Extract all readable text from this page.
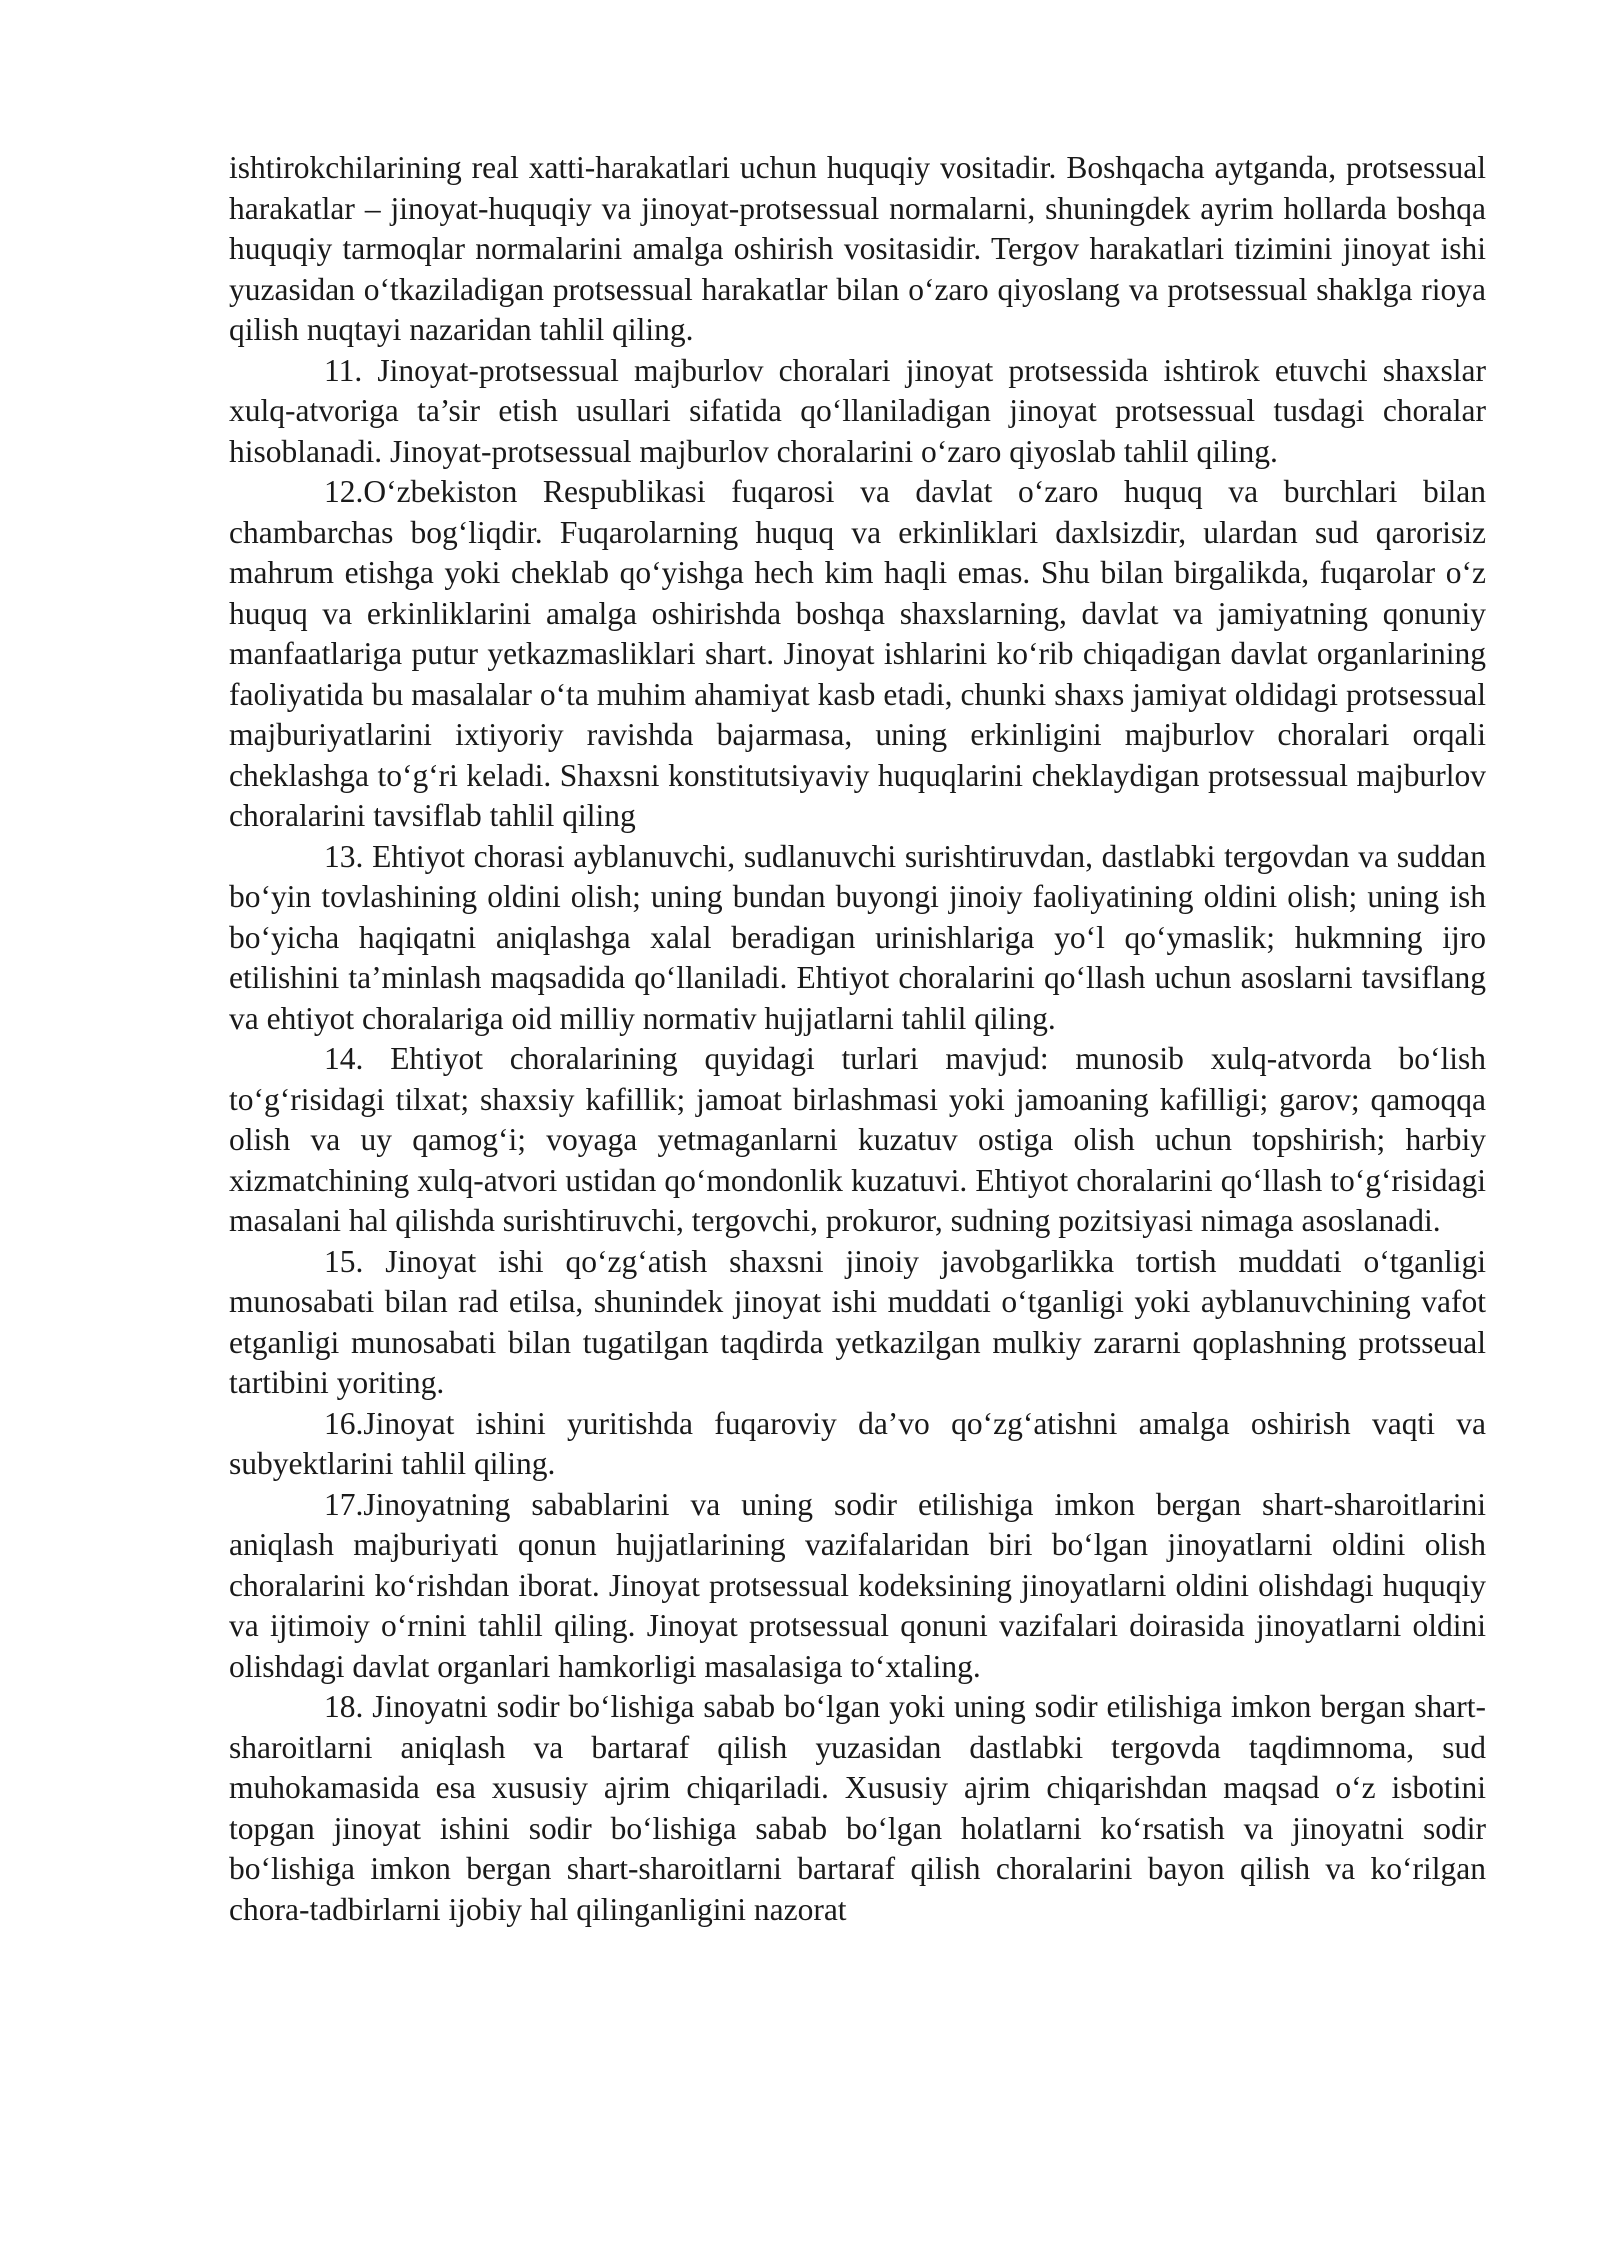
ishtirokchilarining real xatti-harakatlari uchun huquqiy vositadir. Boshqacha aytganda, protsessual harakatlar – jinoyat-huquqiy va jinoyat-protsessual normalarni, shuningdek ayrim hollarda boshqa huquqiy tarmoqlar normalarini amalga oshirish vositasidir. Tergov harakatlari tizimini jinoyat ishi yuzasidan o‘tkaziladigan protsessual harakatlar bilan o‘zaro qiyoslang va protsessual shaklga rioya qilish nuqtayi nazaridan tahlil qiling.

11. Jinoyat-protsessual majburlov choralari jinoyat protsessida ishtirok etuvchi shaxslar xulq-atvoriga ta’sir etish usullari sifatida qo‘llaniladigan jinoyat protsessual tusdagi choralar hisoblanadi. Jinoyat-protsessual majburlov choralarini o‘zaro qiyoslab tahlil qiling.

12.O‘zbekiston Respublikasi fuqarosi va davlat o‘zaro huquq va burchlari bilan chambarchas bog‘liqdir. Fuqarolarning huquq va erkinliklari daxlsizdir, ulardan sud qarorisiz mahrum etishga yoki cheklab qo‘yishga hech kim haqli emas. Shu bilan birgalikda, fuqarolar o‘z huquq va erkinliklarini amalga oshirishda boshqa shaxslarning, davlat va jamiyatning qonuniy manfaatlariga putur yetkazmasliklari shart. Jinoyat ishlarini ko‘rib chiqadigan davlat organlarining faoliyatida bu masalalar o‘ta muhim ahamiyat kasb etadi, chunki shaxs jamiyat oldidagi protsessual majburiyatlarini ixtiyoriy ravishda bajarmasa, uning erkinligini majburlov choralari orqali cheklashga to‘g‘ri keladi. Shaxsni konstitutsiyaviy huquqlarini cheklaydigan protsessual majburlov choralarini tavsiflab tahlil qiling

13. Ehtiyot chorasi ayblanuvchi, sudlanuvchi surishtiruvdan, dastlabki tergovdan va suddan bo‘yin tovlashining oldini olish; uning bundan buyongi jinoiy faoliyatining oldini olish; uning ish bo‘yicha haqiqatni aniqlashga xalal beradigan urinishlariga yo‘l qo‘ymaslik; hukmning ijro etilishini ta’minlash maqsadida qo‘llaniladi. Ehtiyot choralarini qo‘llash uchun asoslarni tavsiflang va ehtiyot choralariga oid milliy normativ hujjatlarni tahlil qiling.

14. Ehtiyot choralarining quyidagi turlari mavjud: munosib xulq-atvorda bo‘lish to‘g‘risidagi tilxat; shaxsiy kafillik; jamoat birlashmasi yoki jamoaning kafilligi; garov; qamoqqa olish va uy qamog‘i; voyaga yetmaganlarni kuzatuv ostiga olish uchun topshirish; harbiy xizmatchining xulq-atvori ustidan qo‘mondonlik kuzatuvi. Ehtiyot choralarini qo‘llash to‘g‘risidagi masalani hal qilishda surishtiruvchi, tergovchi, prokuror, sudning pozitsiyasi nimaga asoslanadi.

15. Jinoyat ishi qo‘zg‘atish shaxsni jinoiy javobgarlikka tortish muddati o‘tganligi munosabati bilan rad etilsa, shunindek jinoyat ishi muddati o‘tganligi yoki ayblanuvchining vafot etganligi munosabati bilan tugatilgan taqdirda yetkazilgan mulkiy zararni qoplashning protsseual tartibini yoriting.

16.Jinoyat ishini yuritishda fuqaroviy da’vo qo‘zg‘atishni amalga oshirish vaqti va subyektlarini tahlil qiling.

17.Jinoyatning sabablarini va uning sodir etilishiga imkon bergan shart-sharoitlarini aniqlash majburiyati qonun hujjatlarining vazifalaridan biri bo‘lgan jinoyatlarni oldini olish choralarini ko‘rishdan iborat. Jinoyat protsessual kodeksining jinoyatlarni oldini olishdagi huquqiy va ijtimoiy o‘rnini tahlil qiling. Jinoyat protsessual qonuni vazifalari doirasida jinoyatlarni oldini olishdagi davlat organlari hamkorligi masalasiga to‘xtaling.

18. Jinoyatni sodir bo‘lishiga sabab bo‘lgan yoki uning sodir etilishiga imkon bergan shart-sharoitlarni aniqlash va bartaraf qilish yuzasidan dastlabki tergovda taqdimnoma, sud muhokamasida esa xususiy ajrim chiqariladi. Xususiy ajrim chiqarishdan maqsad o‘z isbotini topgan jinoyat ishini sodir bo‘lishiga sabab bo‘lgan holatlarni ko‘rsatish va jinoyatni sodir bo‘lishiga imkon bergan shart-sharoitlarni bartaraf qilish choralarini bayon qilish va ko‘rilgan chora-tadbirlarni ijobiy hal qilinganligini nazorat
